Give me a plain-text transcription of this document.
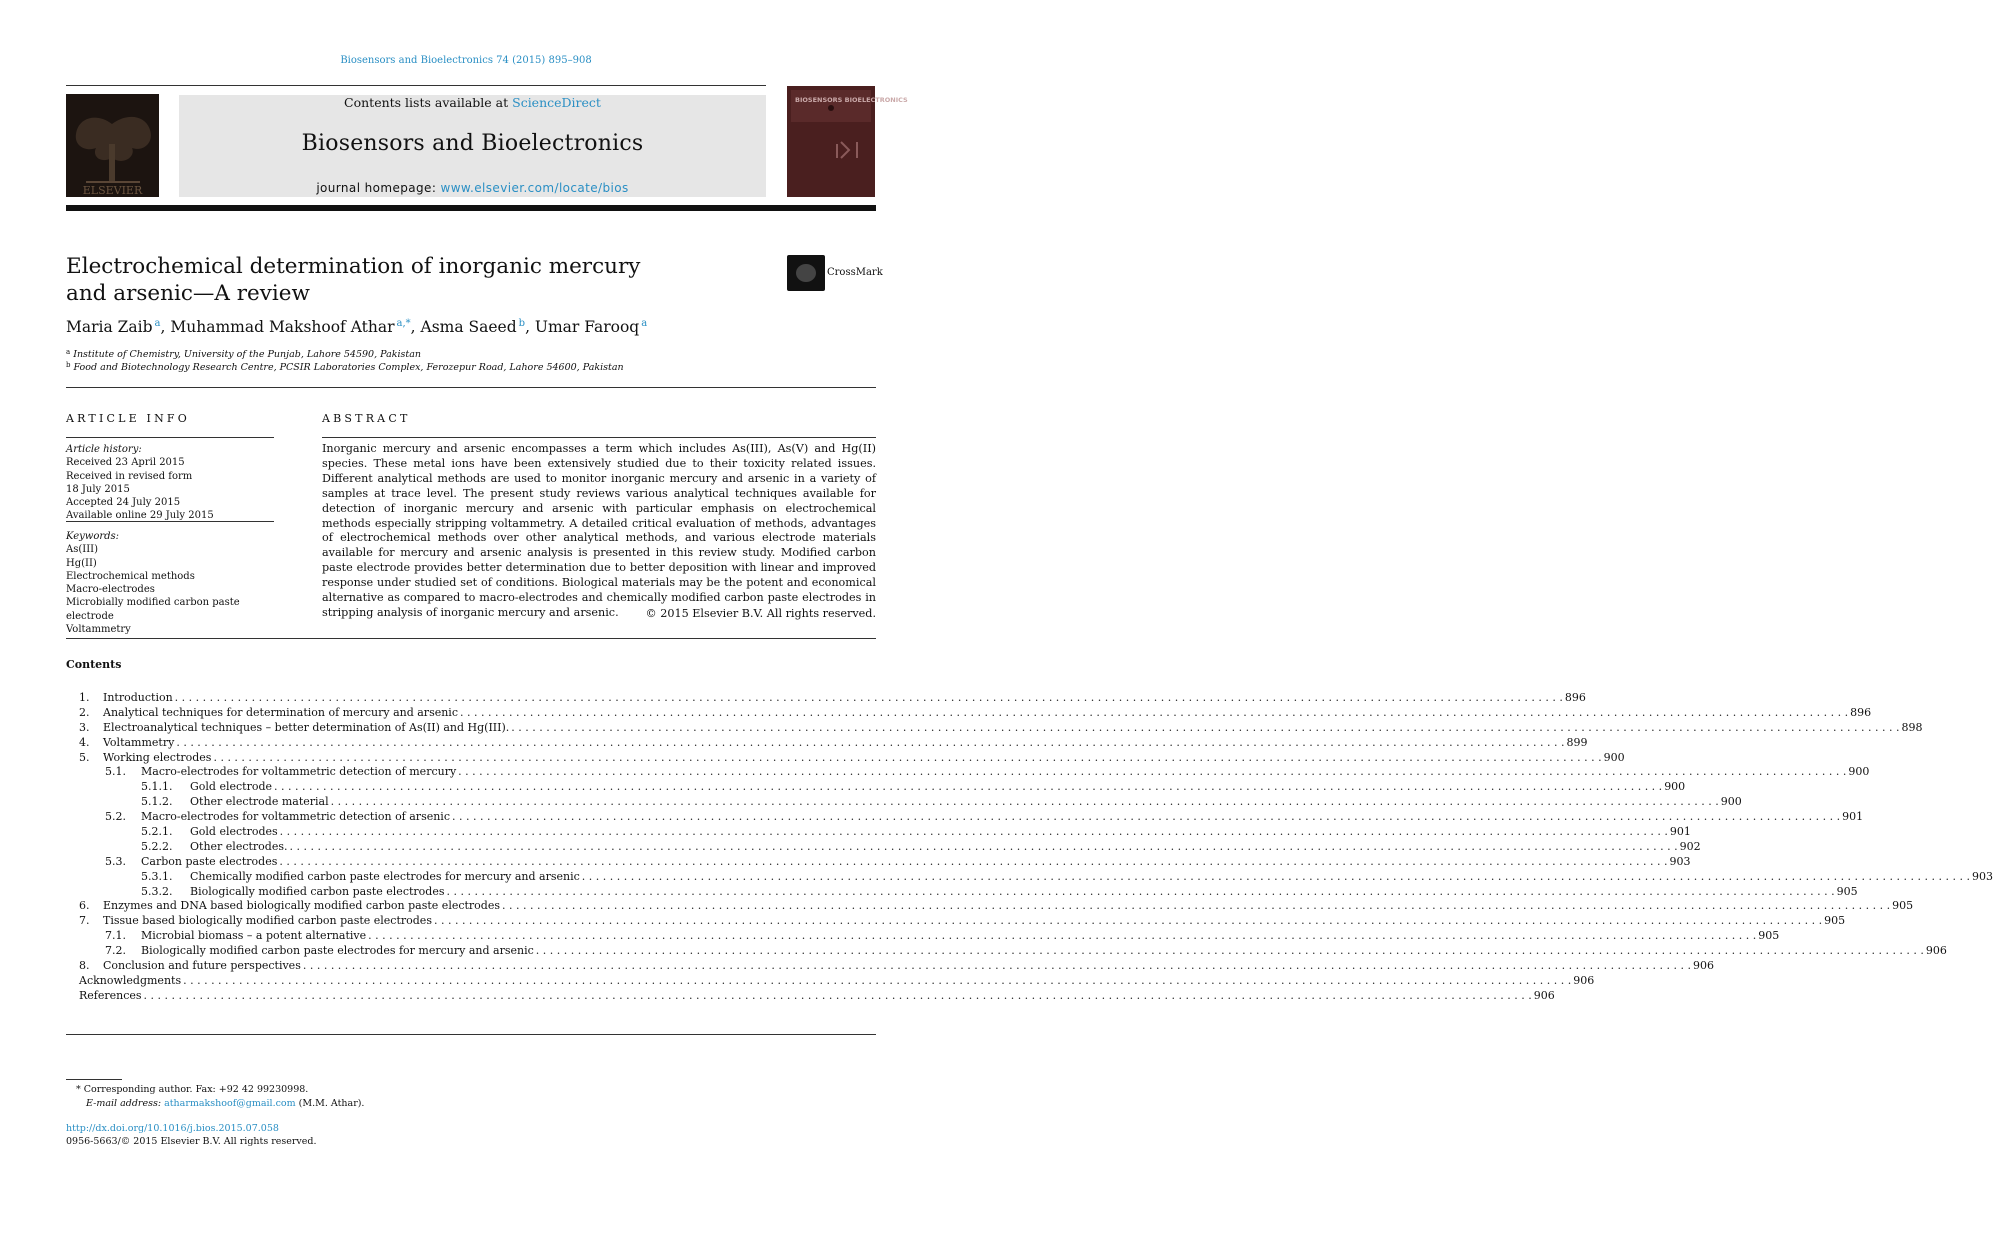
Biosensors and Bioelectronics 74 (2015) 895–908
ELSEVIER
Contents lists available at ScienceDirect
Biosensors and Bioelectronics
journal homepage: www.elsevier.com/locate/bios
BIOSENSORS BIOELECTRONICS
Electrochemical determination of inorganic mercury
and arsenic—A review
CrossMark
Maria Zaib $^a$, Muhammad Makshoof Athar $^{a,*}$, Asma Saeed $^b$, Umar Farooq $^a$
$^a$ Institute of Chemistry, University of the Punjab, Lahore 54590, Pakistan
$^b$ Food and Biotechnology Research Centre, PCSIR Laboratories Complex, Ferozepur Road, Lahore 54600, Pakistan
ARTICLE INFO
Article history:
Received 23 April 2015
Received in revised form
18 July 2015
Accepted 24 July 2015
Available online 29 July 2015
Keywords:
As(III)
Hg(II)
Electrochemical methods
Macro-electrodes
Microbially modified carbon paste electrode
Voltammetry
ABSTRACT
Inorganic mercury and arsenic encompasses a term which includes As(III), As(V) and Hg(II) species. These metal ions have been extensively studied due to their toxicity related issues. Different analytical methods are used to monitor inorganic mercury and arsenic in a variety of samples at trace level. The present study reviews various analytical techniques available for detection of inorganic mercury and arsenic with particular emphasis on electrochemical methods especially stripping voltammetry. A detailed critical evaluation of methods, advantages of electrochemical methods over other analytical methods, and various electrode materials available for mercury and arsenic analysis is presented in this review study. Modified carbon paste electrode provides better determination due to better deposition with linear and improved response under studied set of conditions. Biological materials may be the potent and economical alternative as compared to macro-electrodes and chemically modified carbon paste electrodes in stripping analysis of inorganic mercury and arsenic.	© 2015 Elsevier B.V. All rights reserved.
Contents
1. Introduction . . .	896
2. Analytical techniques for determination of mercury and arsenic . . .	896
3. Electroanalytical techniques – better determination of As(II) and Hg(III). . . .	898
4. Voltammetry . . .	899
5. Working electrodes . . .	900
5.1. Macro-electrodes for voltammetric detection of mercury . . .	900
5.1.1. Gold electrode . . .	900
5.1.2. Other electrode material . . .	900
5.2. Macro-electrodes for voltammetric detection of arsenic . . .	901
5.2.1. Gold electrodes . . .	901
5.2.2. Other electrodes. . . .	902
5.3. Carbon paste electrodes . . .	903
5.3.1. Chemically modified carbon paste electrodes for mercury and arsenic . . .	903
5.3.2. Biologically modified carbon paste electrodes . . .	905
6. Enzymes and DNA based biologically modified carbon paste electrodes . . .	905
7. Tissue based biologically modified carbon paste electrodes . . .	905
7.1. Microbial biomass – a potent alternative . . .	905
7.2. Biologically modified carbon paste electrodes for mercury and arsenic . . .	906
8. Conclusion and future perspectives . . .	906
Acknowledgments . . .	906
References . . .	906
* Corresponding author. Fax: +92 42 99230998.
E-mail address: atharmakshoof@gmail.com (M.M. Athar).
http://dx.doi.org/10.1016/j.bios.2015.07.058
0956-5663/© 2015 Elsevier B.V. All rights reserved.
